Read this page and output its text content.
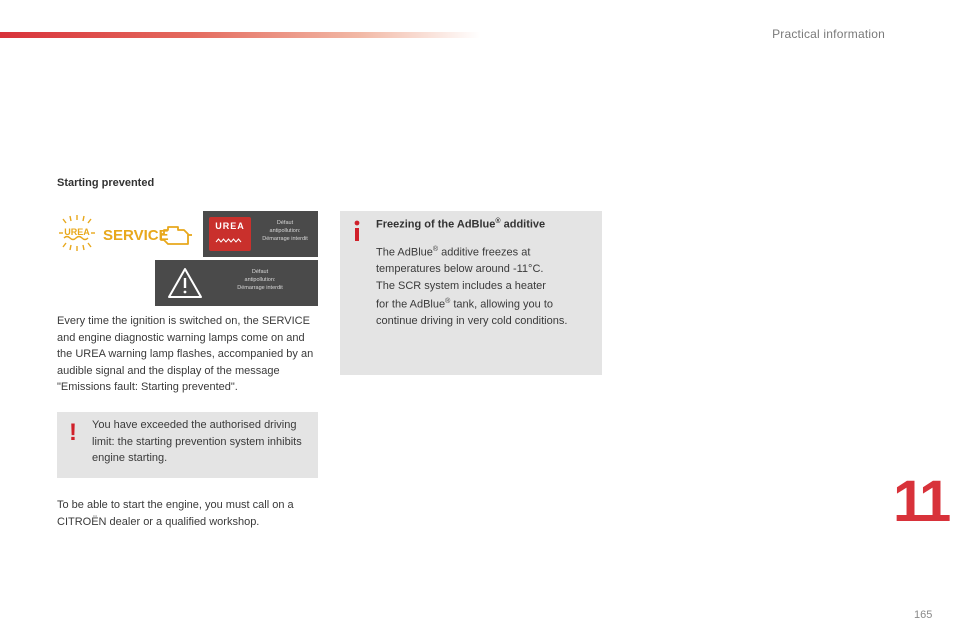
Practical information
Starting prevented
UREA SERVICE
UREA	Défaut
antipollution:
Démarrage interdit
Défaut
antipollution:
Démarrage interdit
Every time the ignition is switched on, the SERVICE and engine diagnostic warning lamps come on and the UREA warning lamp flashes, accompanied by an audible signal and the display of the message "Emissions fault: Starting prevented".
! You have exceeded the authorised driving limit: the starting prevention system inhibits engine starting.
To be able to start the engine, you must call on a CITROËN dealer or a qualified workshop.
Freezing of the AdBlue® additive
The AdBlue® additive freezes at
temperatures below around -11°C.
The SCR system includes a heater
for the AdBlue® tank, allowing you to
continue driving in very cold conditions.
11
165
